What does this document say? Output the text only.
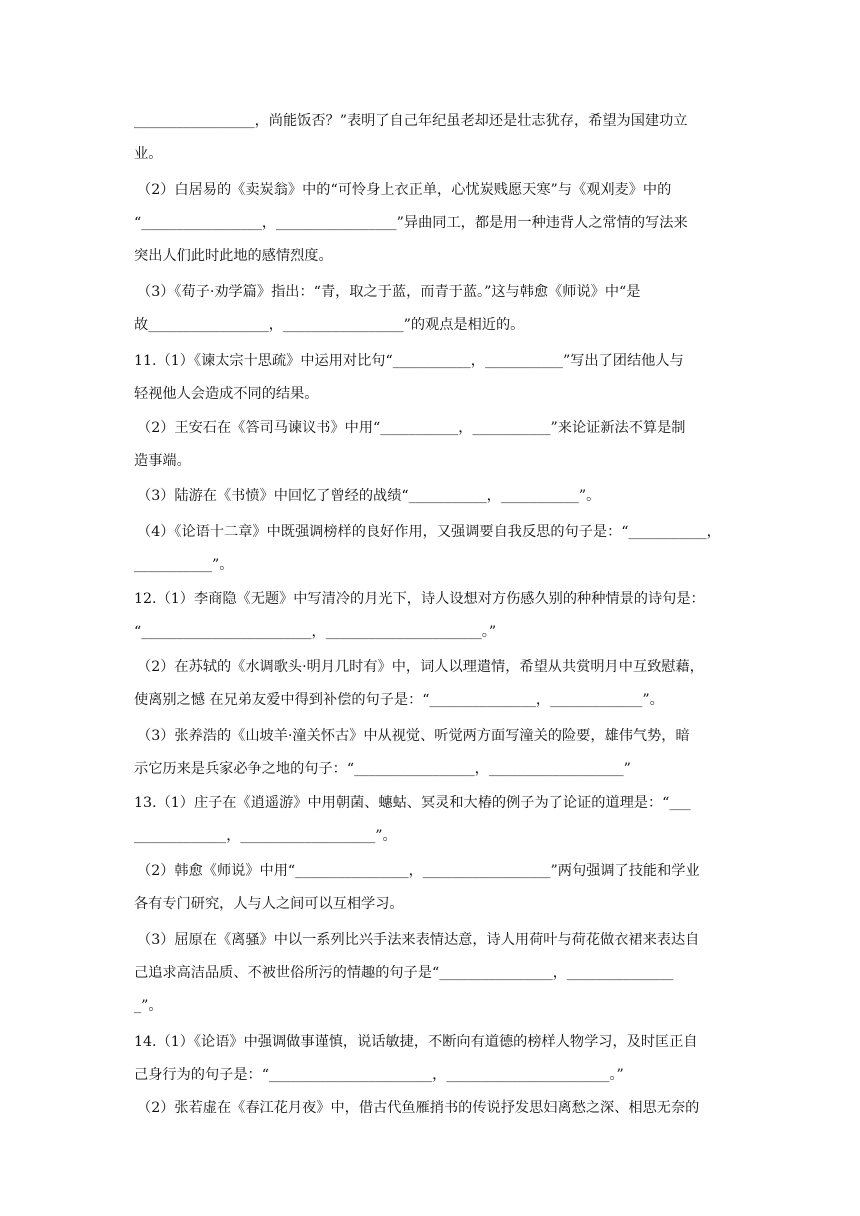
_________________，尚能饭否？”表明了自己年纪虽老却还是壮志犹存，希望为国建功立
业。
（2）白居易的《卖炭翁》中的“可怜身上衣正单，心忧炭贱愿天寒”与《观刈麦》中的
“_________________，_________________”异曲同工，都是用一种违背人之常情的写法来
突出人们此时此地的感情烈度。
（3）《荀子·劝学篇》指出：“青，取之于蓝，而青于蓝。”这与韩愈《师说》中“是
故_________________，_________________”的观点是相近的。
11.（1）《谏太宗十思疏》中运用对比句“___________，___________”写出了团结他人与
轻视他人会造成不同的结果。
（2）王安石在《答司马谏议书》中用“___________，___________”来论证新法不算是制
造事端。
（3）陆游在《书愤》中回忆了曾经的战绩“___________，___________”。
（4）《论语十二章》中既强调榜样的良好作用，又强调要自我反思的句子是：“___________，
___________”。
12.（1）李商隐《无题》中写清冷的月光下，诗人设想对方伤感久别的种种情景的诗句是：
“________________________，______________________。”
（2）在苏轼的《水调歌头·明月几时有》中，词人以理遣情，希望从共赏明月中互致慰藉，
使离别之憾 在兄弟友爱中得到补偿的句子是：“_______________，_____________”。
（3）张养浩的《山坡羊·潼关怀古》中从视觉、听觉两方面写潼关的险要，雄伟气势，暗
示它历来是兵家必争之地的句子：“_________________，___________________”
13.（1）庄子在《逍遥游》中用朝菌、蟪蛄、冥灵和大椿的例子为了论证的道理是：“___
_____________，___________________”。
（2）韩愈《师说》中用“________________，__________________”两句强调了技能和学业
各有专门研究，人与人之间可以互相学习。
（3）屈原在《离骚》中以一系列比兴手法来表情达意，诗人用荷叶与荷花做衣裙来表达自
己追求高洁品质、不被世俗所污的情趣的句子是“________________，_______________
_”。
14.（1）《论语》中强调做事谨慎，说话敏捷，不断向有道德的榜样人物学习，及时匡正自
己身行为的句子是：“_______________________，_______________________。”
（2）张若虚在《春江花月夜》中，借古代鱼雁捎书的传说抒发思妇离愁之深、相思无奈的
